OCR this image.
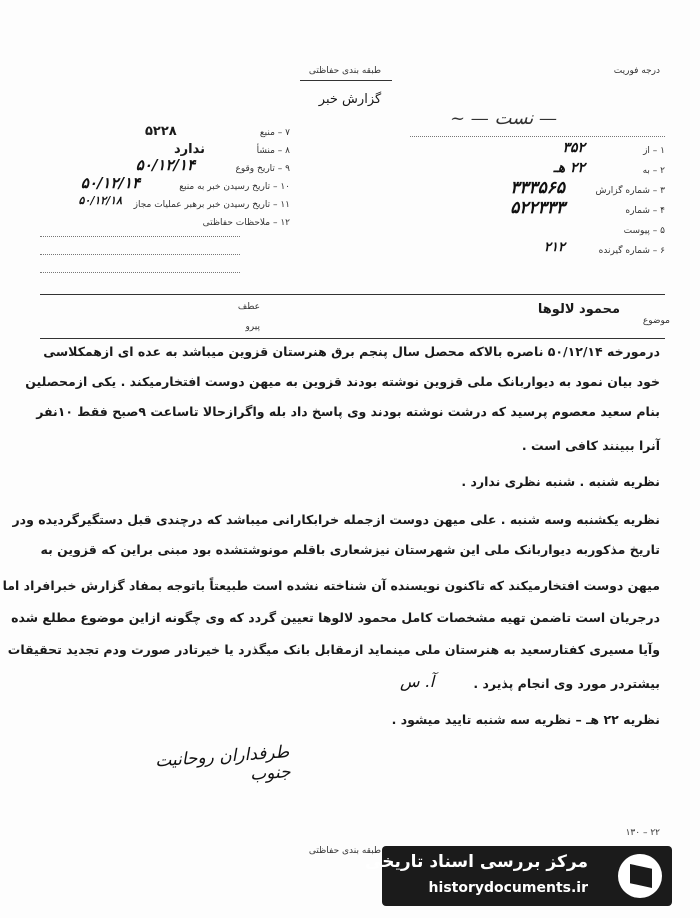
طبقه بندی حفاظتی
گزارش خبر
درجه فوریت
۷ – منبع
۵۲۲۸
۸ – منشأ
ندارد
۹ – تاریخ وقوع
۵۰/۱۲/۱۴
۱۰ – تاریخ رسیدن خبر به منبع
۵۰/۱۲/۱۴
۱۱ – تاریخ رسیدن خبر برهبر عملیات مجاز
۵۰/۱۲/۱۸
۱۲ – ملاحظات حفاظتی
~ — ﻧﺴﺖ —
۱ – از
۳۵۲
۲ – به
۲۲ هـ
۳ – شماره گزارش
۳۳۳۵۶۵
۴ – شماره
۵۲۲۳۳۳
۵ – پیوست
۶ – شماره گیرنده
۲۱۲
موضوع
محمود لالوها
عطف
پیرو
درمورخه ۵۰/۱۲/۱۴ ناصره بالاکه محصل سال پنجم برق هنرستان قزوین میباشد به عده ای ازهمکلاسی
خود بیان نمود به دیواربانک ملی قزوین نوشته بودند قزوین به میهن دوست افتخارمیکند . یکی ازمحصلین
بنام سعید معصوم پرسید که درشت نوشته بودند وی پاسخ داد بله واگرازحالا تاساعت ۹صبح فقط ۱۰نفر
آنرا ببینند کافی است .
نظریه شنبه . شنبه نظری ندارد .
نظریه یکشنبه وسه شنبه . علی میهن دوست ازجمله خرابکارانی میباشد که درچندی قبل دستگیرگردیده ودر
تاریخ مذکوربه دیواربانک ملی این شهرستان نیزشعاری باقلم مونوشتشده بود مبنی براین که قزوین به
میهن دوست افتخارمیکند که تاکنون نویسنده آن شناخته نشده است طبیعتاً باتوجه بمفاد گزارش خبرافراد اما
درجریان است تاضمن تهیه مشخصات کامل محمود لالوها تعیین گردد که وی چگونه ازاین موضوع مطلع شده
وآیا مسیری کفتارسعید به هنرستان ملی مینماید ازمقابل بانک میگذرد یا خیرتادر صورت ودم تجدید تحقیقات
بیشتردر مورد وی انجام پذیرد .
آ. س
نظریه ۲۲ هـ – نظریه سه شنبه تایید میشود .
طرفداران روحانیت جنوب
طبقه بندی حفاظتی
۱۳۰ – ۲۲
مرکز بررسی اسناد تاریخی
historydocuments.ir
